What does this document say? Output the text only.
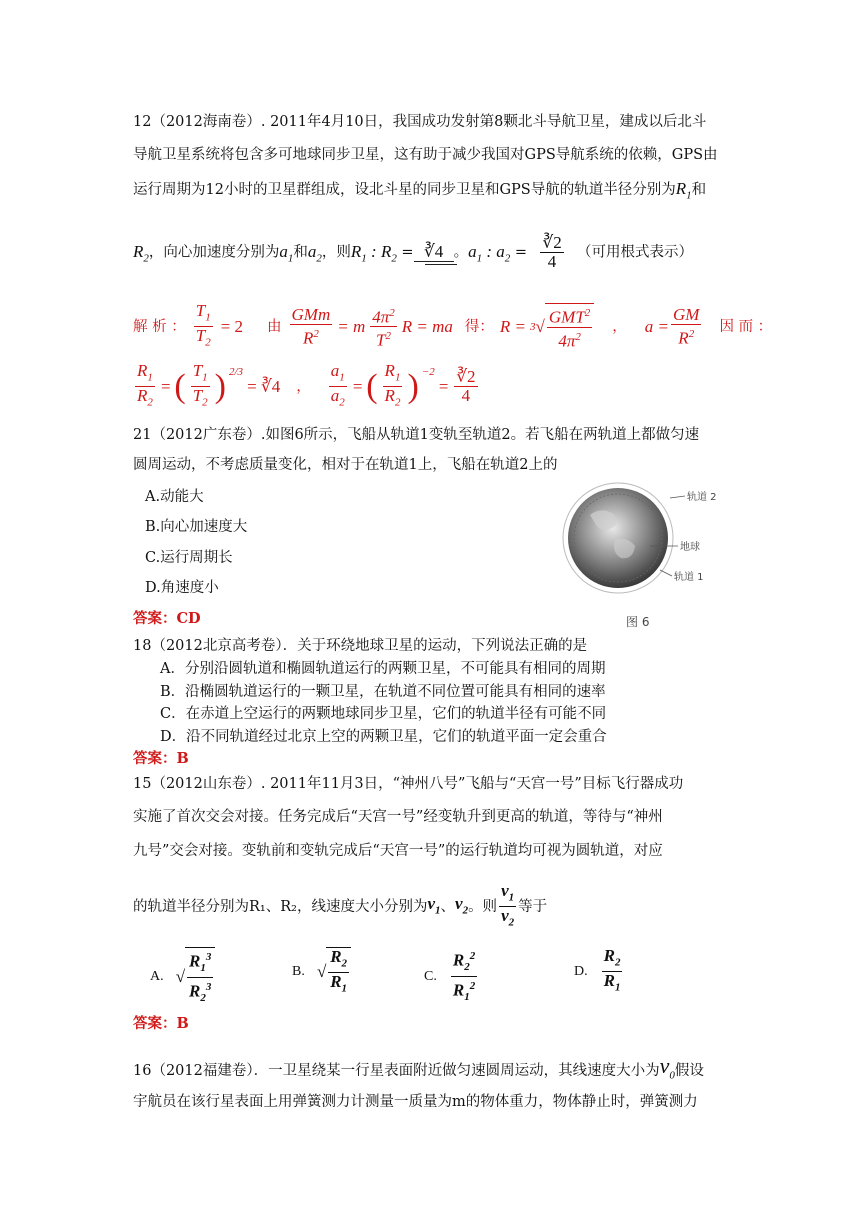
12（2012海南卷）. 2011年4月10日，我国成功发射第8颗北斗导航卫星，建成以后北斗
导航卫星系统将包含多可地球同步卫星，这有助于减少我国对GPS导航系统的依赖，GPS由
运行周期为12小时的卫星群组成，设北斗星的同步卫星和GPS导航的轨道半径分别为$R_1$和
$R_2$，向心加速度分别为$a_1$和$a_2$，则$R_1$ : $R_2$ = ∛4 。$a_1$ : $a_2 = \frac{∛2}{4}$ （可用根式表示）
解 析 ： $\frac{T_1}{T_2} = 2$ 由 $\frac{\text{GMm}}{R^2} = m \frac{4\pi^2}{T^2}$ R = ma 得： R = 3 √ $\frac{GMT^2}{4\pi^2}$ ， $a = \frac{GM}{R^2}$ 因 而 ：
$\frac{R_1}{R_2}$ = ( $\frac{T_1}{T_2}$ ) $^{2/3}$
= ∛4 ， $\frac{a_1}{a_2}$ = ( $\frac{R_1}{R_2}$ ) $^{-2}$
= $\frac{∛2}{4}$
21（2012广东卷）.如图6所示，飞船从轨道1变轨至轨道2。若飞船在两轨道上都做匀速
圆周运动，不考虑质量变化，相对于在轨道1上，飞船在轨道2上的
A.动能大
B.向心加速度大
C.运行周期长
D.角速度小
答案：CD
轨道 2
地球
轨道 1
图 6
18（2012北京高考卷）．关于环绕地球卫星的运动，下列说法正确的是
A．分别沿圆轨道和椭圆轨道运行的两颗卫星，不可能具有相同的周期
B．沿椭圆轨道运行的一颗卫星，在轨道不同位置可能具有相同的速率
C．在赤道上空运行的两颗地球同步卫星，它们的轨道半径有可能不同
D．沿不同轨道经过北京上空的两颗卫星，它们的轨道平面一定会重合
答案：B
15（2012山东卷）. 2011年11月3日，“神州八号”飞船与“天宫一号”目标飞行器成功
实施了首次交会对接。任务完成后“天宫一号”经变轨升到更高的轨道，等待与“神州
九号”交会对接。变轨前和变轨完成后“天宫一号”的运行轨道均可视为圆轨道，对应
的轨道半径分别为R₁、R₂，线速度大小分别为 $v_1$ 、 $v_2$ 。则 $\frac{v_1}{v_2}$ 等于
A. √ $\frac{R_1^3}{R_2^3}$	B. √ $\frac{R_2}{R_1}$	C. $\frac{R_2^2}{R_1^2}$	D. $\frac{R_2}{R_1}$
答案：B
16（2012福建卷）．一卫星绕某一行星表面附近做匀速圆周运动，其线速度大小为 $v_0$ 假设
宇航员在该行星表面上用弹簧测力计测量一质量为m的物体重力，物体静止时，弹簧测力
